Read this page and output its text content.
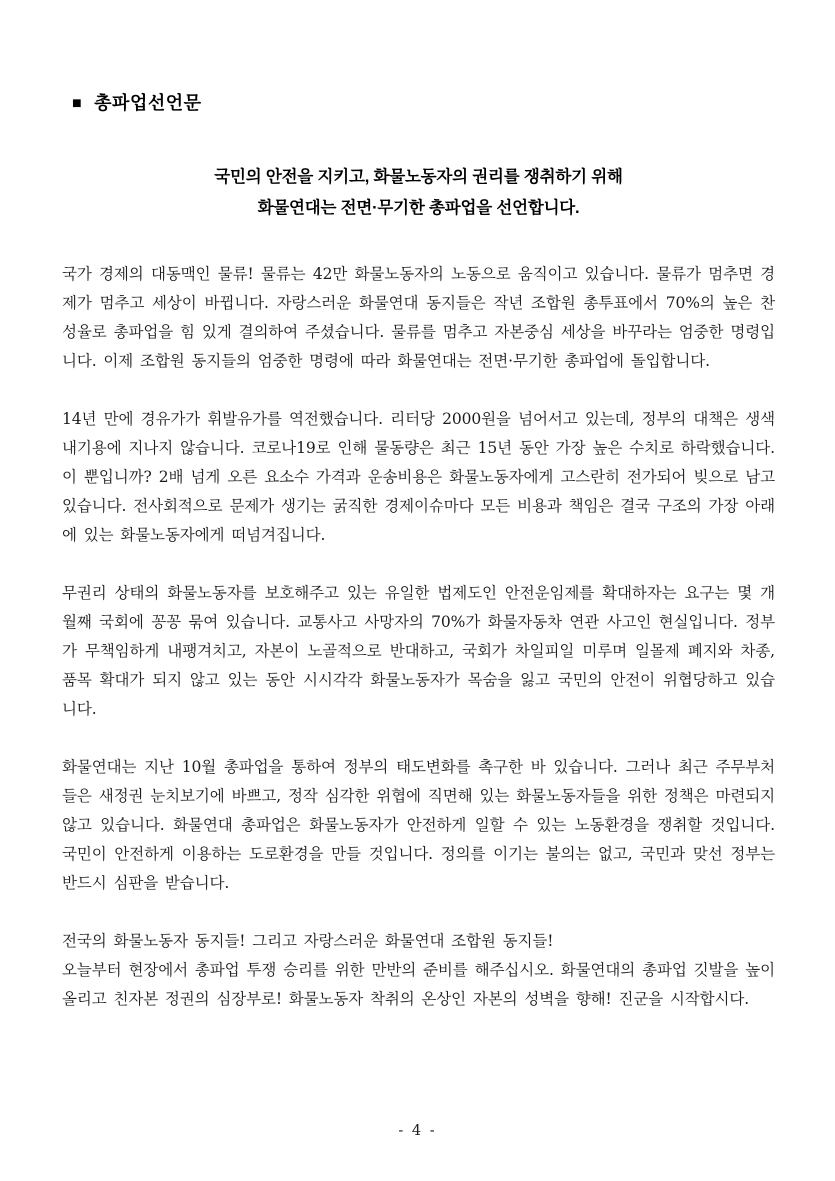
■ 총파업선언문

국민의 안전을 지키고, 화물노동자의 권리를 쟁취하기 위해

화물연대는 전면·무기한 총파업을 선언합니다.

국가 경제의 대동맥인 물류! 물류는 42만 화물노동자의 노동으로 움직이고 있습니다. 물류가 멈추면 경제가 멈추고 세상이 바뀝니다. 자랑스러운 화물연대 동지들은 작년 조합원 총투표에서 70%의 높은 찬성율로 총파업을 힘 있게 결의하여 주셨습니다. 물류를 멈추고 자본중심 세상을 바꾸라는 엄중한 명령입니다. 이제 조합원 동지들의 엄중한 명령에 따라 화물연대는 전면·무기한 총파업에 돌입합니다.

14년 만에 경유가가 휘발유가를 역전했습니다. 리터당 2000원을 넘어서고 있는데, 정부의 대책은 생색내기용에 지나지 않습니다. 코로나19로 인해 물동량은 최근 15년 동안 가장 높은 수치로 하락했습니다. 이 뿐입니까? 2배 넘게 오른 요소수 가격과 운송비용은 화물노동자에게 고스란히 전가되어 빚으로 남고 있습니다. 전사회적으로 문제가 생기는 굵직한 경제이슈마다 모든 비용과 책임은 결국 구조의 가장 아래에 있는 화물노동자에게 떠넘겨집니다.

무권리 상태의 화물노동자를 보호해주고 있는 유일한 법제도인 안전운임제를 확대하자는 요구는 몇 개월째 국회에 꽁꽁 묶여 있습니다. 교통사고 사망자의 70%가 화물자동차 연관 사고인 현실입니다. 정부가 무책임하게 내팽겨치고, 자본이 노골적으로 반대하고, 국회가 차일피일 미루며 일몰제 폐지와 차종,품목 확대가 되지 않고 있는 동안 시시각각 화물노동자가 목숨을 잃고 국민의 안전이 위협당하고 있습니다.

화물연대는 지난 10월 총파업을 통하여 정부의 태도변화를 촉구한 바 있습니다. 그러나 최근 주무부처들은 새정권 눈치보기에 바쁘고, 정작 심각한 위협에 직면해 있는 화물노동자들을 위한 정책은 마련되지 않고 있습니다. 화물연대 총파업은 화물노동자가 안전하게 일할 수 있는 노동환경을 쟁취할 것입니다. 국민이 안전하게 이용하는 도로환경을 만들 것입니다. 정의를 이기는 불의는 없고, 국민과 맞선 정부는 반드시 심판을 받습니다.

전국의 화물노동자 동지들! 그리고 자랑스러운 화물연대 조합원 동지들!

오늘부터 현장에서 총파업 투쟁 승리를 위한 만반의 준비를 해주십시오. 화물연대의 총파업 깃발을 높이 올리고 친자본 정권의 심장부로! 화물노동자 착취의 온상인 자본의 성벽을 향해! 진군을 시작합시다.

- 4 -
